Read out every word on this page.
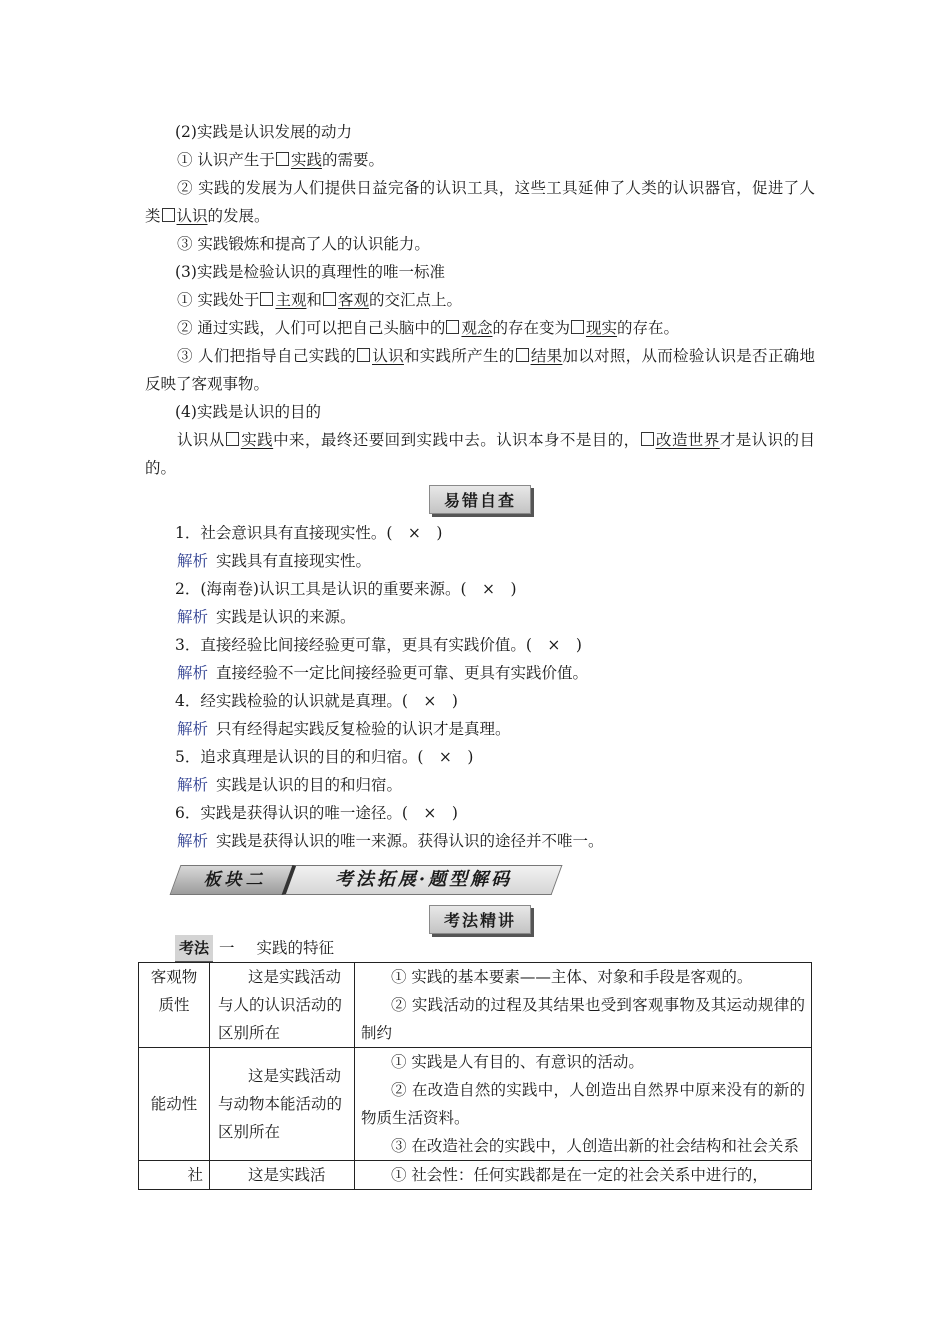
(2)实践是认识发展的动力
① 认识产生于 实践的需要。
② 实践的发展为人们提供日益完备的认识工具，这些工具延伸了人类的认识器官，促进了人类 认识的发展。
③ 实践锻炼和提高了人的认识能力。
(3)实践是检验认识的真理性的唯一标准
① 实践处于 主观和 客观的交汇点上。
② 通过实践，人们可以把自己头脑中的 观念的存在变为 现实的存在。
③ 人们把指导自己实践的 认识和实践所产生的 结果加以对照，从而检验认识是否正确地反映了客观事物。
(4)实践是认识的目的
认识从 实践中来，最终还要回到实践中去。认识本身不是目的， 改造世界才是认识的目的。
易错自查
1．社会意识具有直接现实性。(　×　)
解析 实践具有直接现实性。
2．(海南卷)认识工具是认识的重要来源。(　×　)
解析 实践是认识的来源。
3．直接经验比间接经验更可靠，更具有实践价值。(　×　)
解析 直接经验不一定比间接经验更可靠、更具有实践价值。
4．经实践检验的认识就是真理。(　×　)
解析 只有经得起实践反复检验的认识才是真理。
5．追求真理是认识的目的和归宿。(　×　)
解析 实践是认识的目的和归宿。
6．实践是获得认识的唯一途径。(　×　)
解析 实践是获得认识的唯一来源。获得认识的途径并不唯一。
板块二	考法拓展·题型解码
考法精讲
考法 一 实践的特征
客观物质性	这是实践活动与人的认识活动的区别所在	① 实践的基本要素——主体、对象和手段是客观的。
② 实践活动的过程及其结果也受到客观事物及其运动规律的制约

能动性	这是实践活动与动物本能活动的区别所在	① 实践是人有目的、有意识的活动。
② 在改造自然的实践中，人创造出自然界中原来没有的新的物质生活资料。
③ 在改造社会的实践中，人创造出新的社会结构和社会关系

社	这是实践活	① 社会性：任何实践都是在一定的社会关系中进行的，
